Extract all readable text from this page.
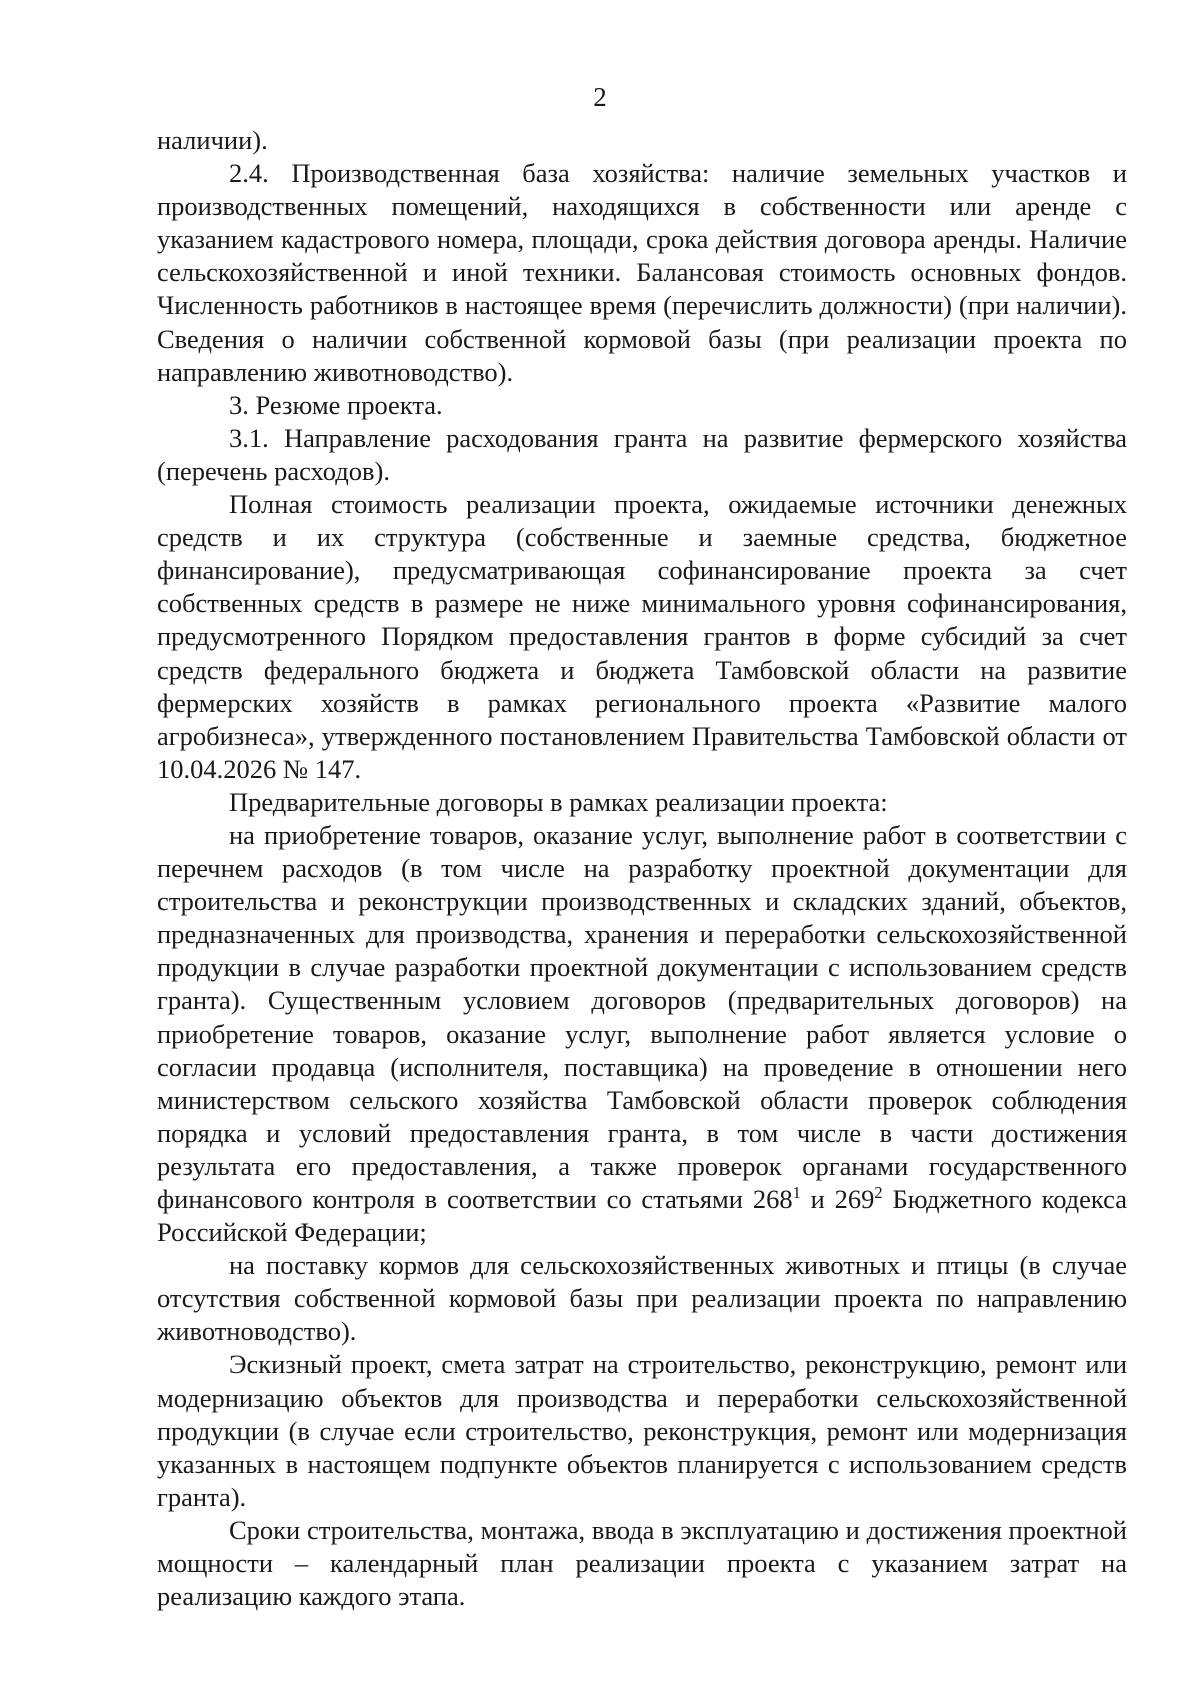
2

наличии).

2.4. Производственная база хозяйства: наличие земельных участков и производственных помещений, находящихся в собственности или аренде с указанием кадастрового номера, площади, срока действия договора аренды. Наличие сельскохозяйственной и иной техники. Балансовая стоимость основных фондов. Численность работников в настоящее время (перечислить должности) (при наличии). Сведения о наличии собственной кормовой базы (при реализации проекта по направлению животноводство).

3. Резюме проекта.

3.1. Направление расходования гранта на развитие фермерского хозяйства (перечень расходов).

Полная стоимость реализации проекта, ожидаемые источники денежных средств и их структура (собственные и заемные средства, бюджетное финансирование), предусматривающая софинансирование проекта за счет собственных средств в размере не ниже минимального уровня софинансирования, предусмотренного Порядком предоставления грантов в форме субсидий за счет средств федерального бюджета и бюджета Тамбовской области на развитие фермерских хозяйств в рамках регионального проекта «Развитие малого агробизнеса», утвержденного постановлением Правительства Тамбовской области от 10.04.2026 № 147.

Предварительные договоры в рамках реализации проекта:

на приобретение товаров, оказание услуг, выполнение работ в соответствии с перечнем расходов (в том числе на разработку проектной документации для строительства и реконструкции производственных и складских зданий, объектов, предназначенных для производства, хранения и переработки сельскохозяйственной продукции в случае разработки проектной документации с использованием средств гранта). Существенным условием договоров (предварительных договоров) на приобретение товаров, оказание услуг, выполнение работ является условие о согласии продавца (исполнителя, поставщика) на проведение в отношении него министерством сельского хозяйства Тамбовской области проверок соблюдения порядка и условий предоставления гранта, в том числе в части достижения результата его предоставления, а также проверок органами государственного финансового контроля в соответствии со статьями $268^1$ и $269^2$ Бюджетного кодекса Российской Федерации;

на поставку кормов для сельскохозяйственных животных и птицы (в случае отсутствия собственной кормовой базы при реализации проекта по направлению животноводство).

Эскизный проект, смета затрат на строительство, реконструкцию, ремонт или модернизацию объектов для производства и переработки сельскохозяйственной продукции (в случае если строительство, реконструкция, ремонт или модернизация указанных в настоящем подпункте объектов планируется с использованием средств гранта).

Сроки строительства, монтажа, ввода в эксплуатацию и достижения проектной мощности – календарный план реализации проекта с указанием затрат на реализацию каждого этапа.
